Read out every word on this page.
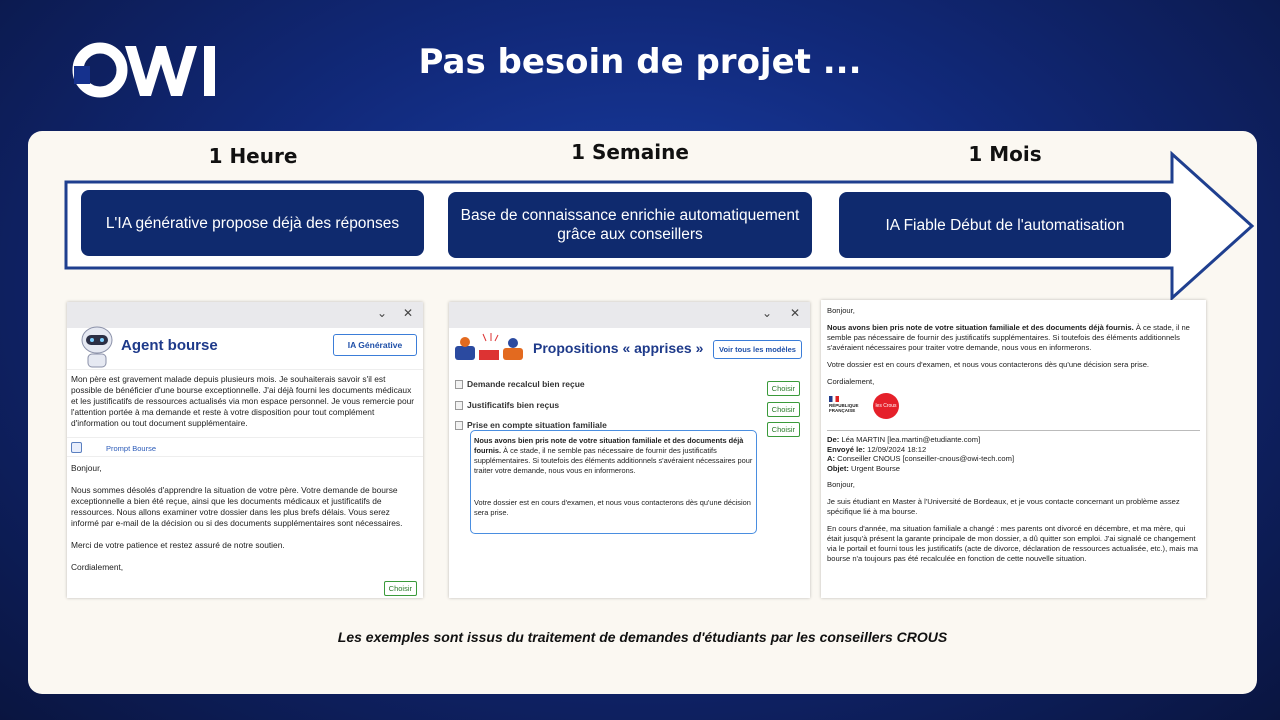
Pas besoin de projet ...
1 Heure	1 Semaine	1 Mois
L'IA générative propose déjà des réponses	Base de connaissance enrichie automatiquement grâce aux conseillers
IA Fiable Début de l'automatisation
⌄ ✕
Agent bourse	IA Générative
Mon père est gravement malade depuis plusieurs mois. Je souhaiterais savoir s'il est possible de bénéficier d'une bourse exceptionnelle. J'ai déjà fourni les documents médicaux et les justificatifs de ressources actualisés via mon espace personnel. Je vous remercie pour l'attention portée à ma demande et reste à votre disposition pour tout complément d'information ou tout document supplémentaire.
Prompt Bourse
Bonjour,
Nous sommes désolés d'apprendre la situation de votre père. Votre demande de bourse exceptionnelle a bien été reçue, ainsi que les documents médicaux et justificatifs de ressources. Nous allons examiner votre dossier dans les plus brefs délais. Vous serez informé par e-mail de la décision ou si des documents supplémentaires sont nécessaires.
Merci de votre patience et restez assuré de notre soutien.
Cordialement,
Choisir
⌄ ✕
Propositions « apprises »	Voir tous les modèles
Demande recalcul bien reçue	Choisir
Justificatifs bien reçus	Choisir
Prise en compte situation familiale	Choisir
Nous avons bien pris note de votre situation familiale et des documents déjà fournis. À ce stade, il ne semble pas nécessaire de fournir des justificatifs supplémentaires. Si toutefois des éléments additionnels s'avéraient nécessaires pour traiter votre demande, nous vous en informerons.
Votre dossier est en cours d'examen, et nous vous contacterons dès qu'une décision sera prise.

Bonjour,

Nous avons bien pris note de votre situation familiale et des documents déjà fournis. À ce stade, il ne semble pas nécessaire de fournir des justificatifs supplémentaires. Si toutefois des éléments additionnels s'avéraient nécessaires pour traiter votre demande, nous vous en informerons.

Votre dossier est en cours d'examen, et nous vous contacterons dès qu'une décision sera prise.

Cordialement,

RÉPUBLIQUE FRANÇAISE
les Crous
De: Léa MARTIN [lea.martin@etudiante.com]
Envoyé le: 12/09/2024 18:12
A: Conseiller CNOUS [conseiller-cnous@owi-tech.com]
Objet: Urgent Bourse

Bonjour,

Je suis étudiant en Master à l'Université de Bordeaux, et je vous contacte concernant un problème assez spécifique lié à ma bourse.

En cours d'année, ma situation familiale a changé : mes parents ont divorcé en décembre, et ma mère, qui était jusqu'à présent la garante principale de mon dossier, a dû quitter son emploi. J'ai signalé ce changement via le portail et fourni tous les justificatifs (acte de divorce, déclaration de ressources actualisée, etc.), mais ma bourse n'a toujours pas été recalculée en fonction de cette nouvelle situation.

Les exemples sont issus du traitement de demandes d'étudiants par les conseillers CROUS
